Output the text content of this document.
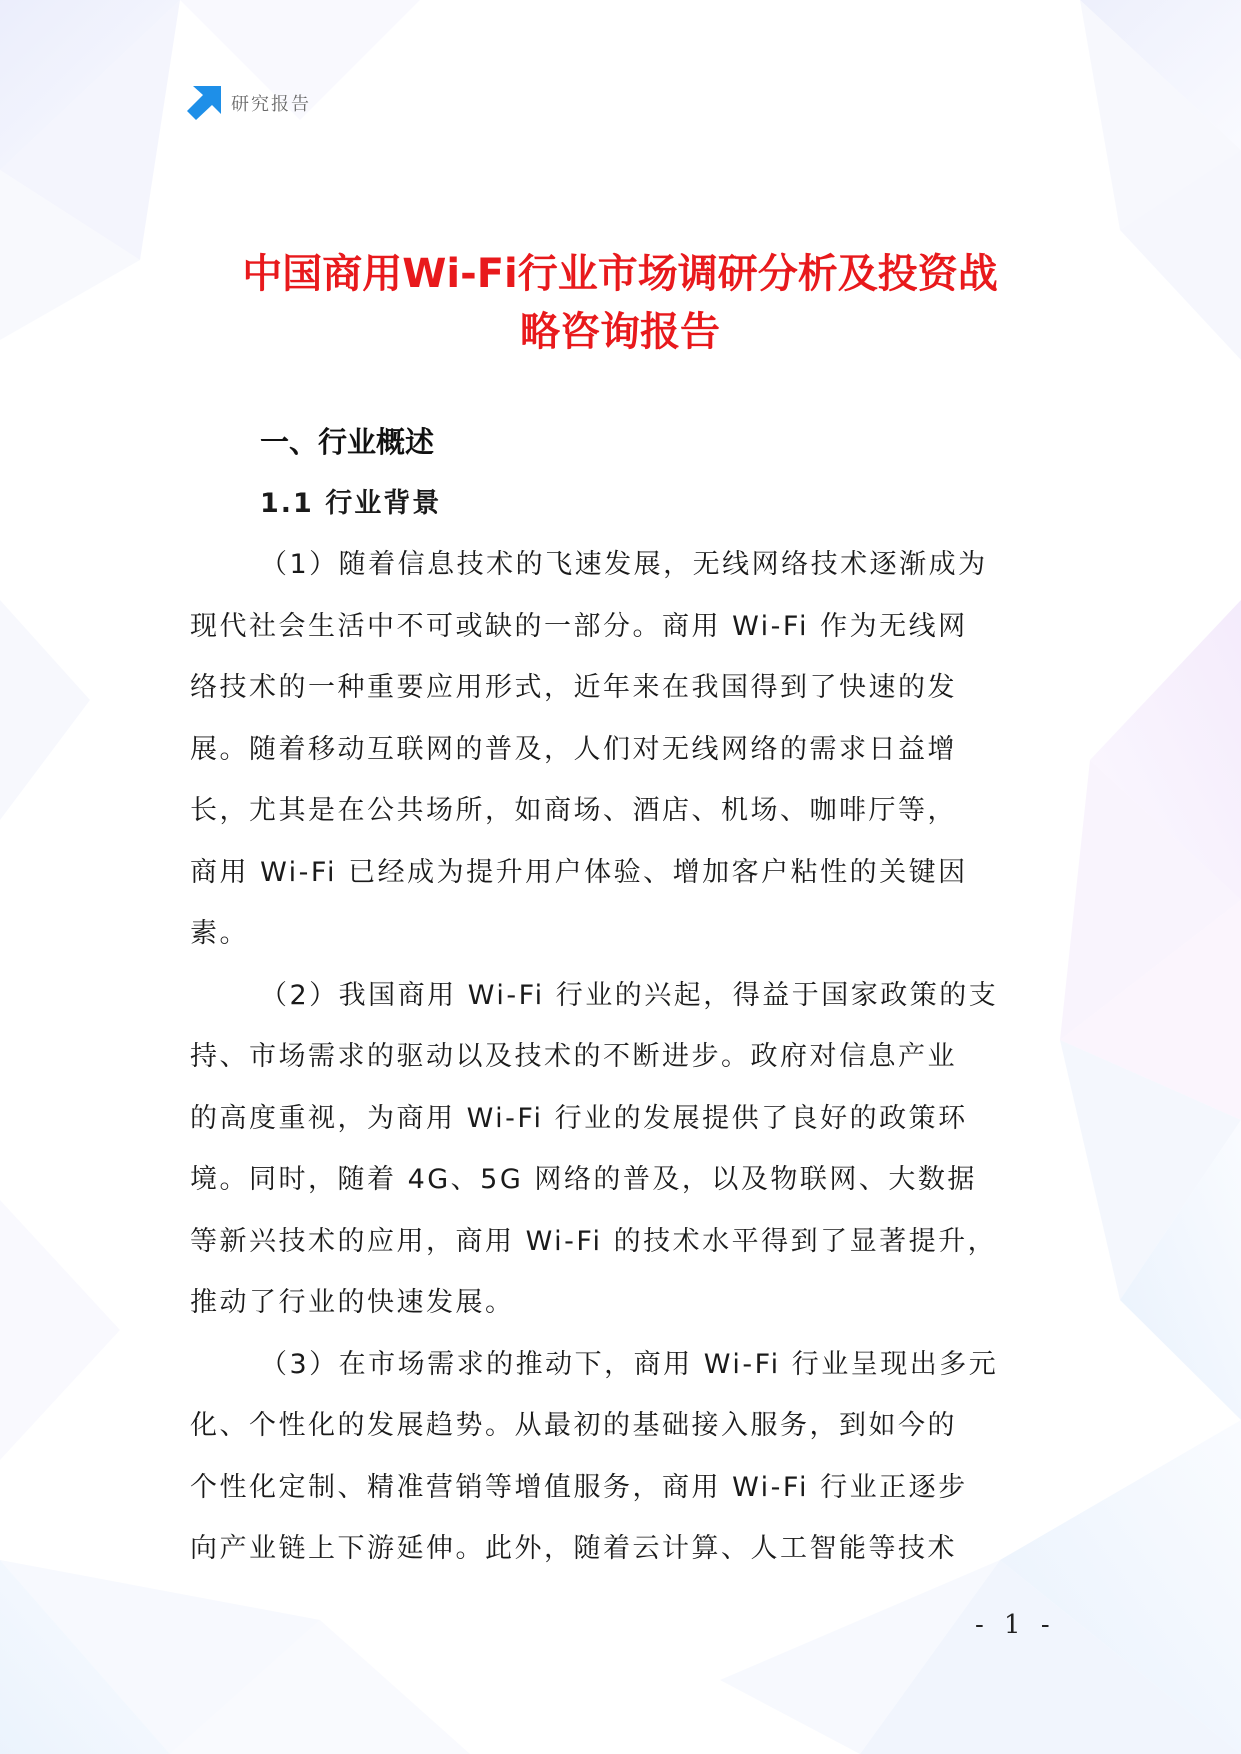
研究报告
中国商用Wi-Fi行业市场调研分析及投资战
略咨询报告
一、行业概述
1.1 行业背景

（1）随着信息技术的飞速发展，无线网络技术逐渐成为
现代社会生活中不可或缺的一部分。商用 Wi-Fi 作为无线网
络技术的一种重要应用形式，近年来在我国得到了快速的发
展。随着移动互联网的普及，人们对无线网络的需求日益增
长，尤其是在公共场所，如商场、酒店、机场、咖啡厅等，
商用 Wi-Fi 已经成为提升用户体验、增加客户粘性的关键因
素。

（2）我国商用 Wi-Fi 行业的兴起，得益于国家政策的支
持、市场需求的驱动以及技术的不断进步。政府对信息产业
的高度重视，为商用 Wi-Fi 行业的发展提供了良好的政策环
境。同时，随着 4G、5G 网络的普及，以及物联网、大数据
等新兴技术的应用，商用 Wi-Fi 的技术水平得到了显著提升，
推动了行业的快速发展。

（3）在市场需求的推动下，商用 Wi-Fi 行业呈现出多元
化、个性化的发展趋势。从最初的基础接入服务，到如今的
个性化定制、精准营销等增值服务，商用 Wi-Fi 行业正逐步
向产业链上下游延伸。此外，随着云计算、人工智能等技术

- 1 -
